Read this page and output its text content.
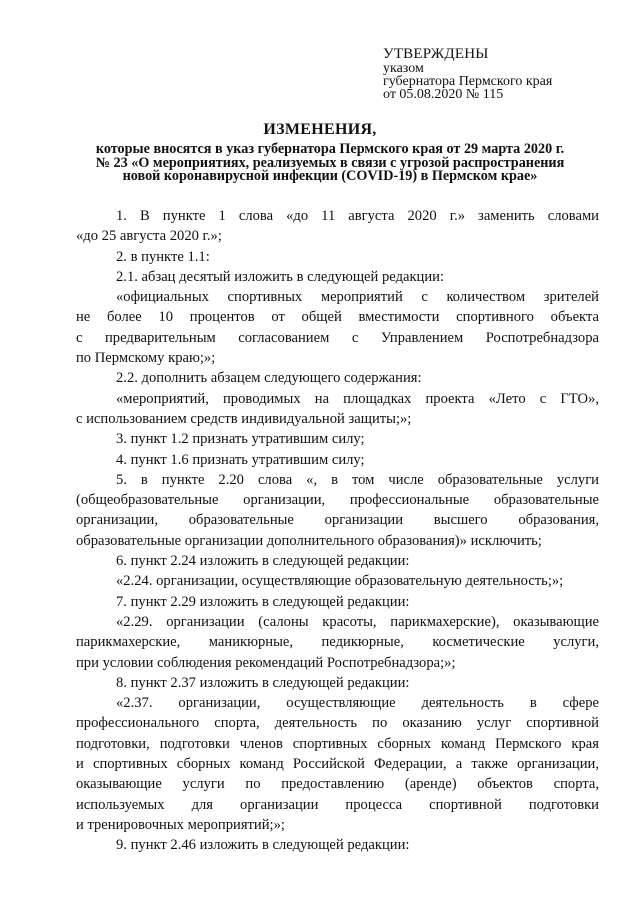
УТВЕРЖДЕНЫ
указом
губернатора Пермского края
от 05.08.2020 № 115
ИЗМЕНЕНИЯ,
которые вносятся в указ губернатора Пермского края от 29 марта 2020 г.
№ 23 «О мероприятиях, реализуемых в связи с угрозой распространения
новой коронавирусной инфекции (COVID-19) в Пермском крае»
1. В пункте 1 слова «до 11 августа 2020 г.» заменить словами
«до 25 августа 2020 г.»;
2. в пункте 1.1:
2.1. абзац десятый изложить в следующей редакции:
«официальных спортивных мероприятий с количеством зрителей
не более 10 процентов от общей вместимости спортивного объекта
с предварительным согласованием с Управлением Роспотребнадзора
по Пермскому краю;»;
2.2. дополнить абзацем следующего содержания:
«мероприятий, проводимых на площадках проекта «Лето с ГТО»,
с использованием средств индивидуальной защиты;»;
3. пункт 1.2 признать утратившим силу;
4. пункт 1.6 признать утратившим силу;
5. в пункте 2.20 слова «, в том числе образовательные услуги
(общеобразовательные организации, профессиональные образовательные
организации, образовательные организации высшего образования,
образовательные организации дополнительного образования)» исключить;
6. пункт 2.24 изложить в следующей редакции:
«2.24. организации, осуществляющие образовательную деятельность;»;
7. пункт 2.29 изложить в следующей редакции:
«2.29. организации (салоны красоты, парикмахерские), оказывающие
парикмахерские, маникюрные, педикюрные, косметические услуги,
при условии соблюдения рекомендаций Роспотребнадзора;»;
8. пункт 2.37 изложить в следующей редакции:
«2.37. организации, осуществляющие деятельность в сфере
профессионального спорта, деятельность по оказанию услуг спортивной
подготовки, подготовки членов спортивных сборных команд Пермского края
и спортивных сборных команд Российской Федерации, а также организации,
оказывающие услуги по предоставлению (аренде) объектов спорта,
используемых для организации процесса спортивной подготовки
и тренировочных мероприятий;»;
9. пункт 2.46 изложить в следующей редакции:
